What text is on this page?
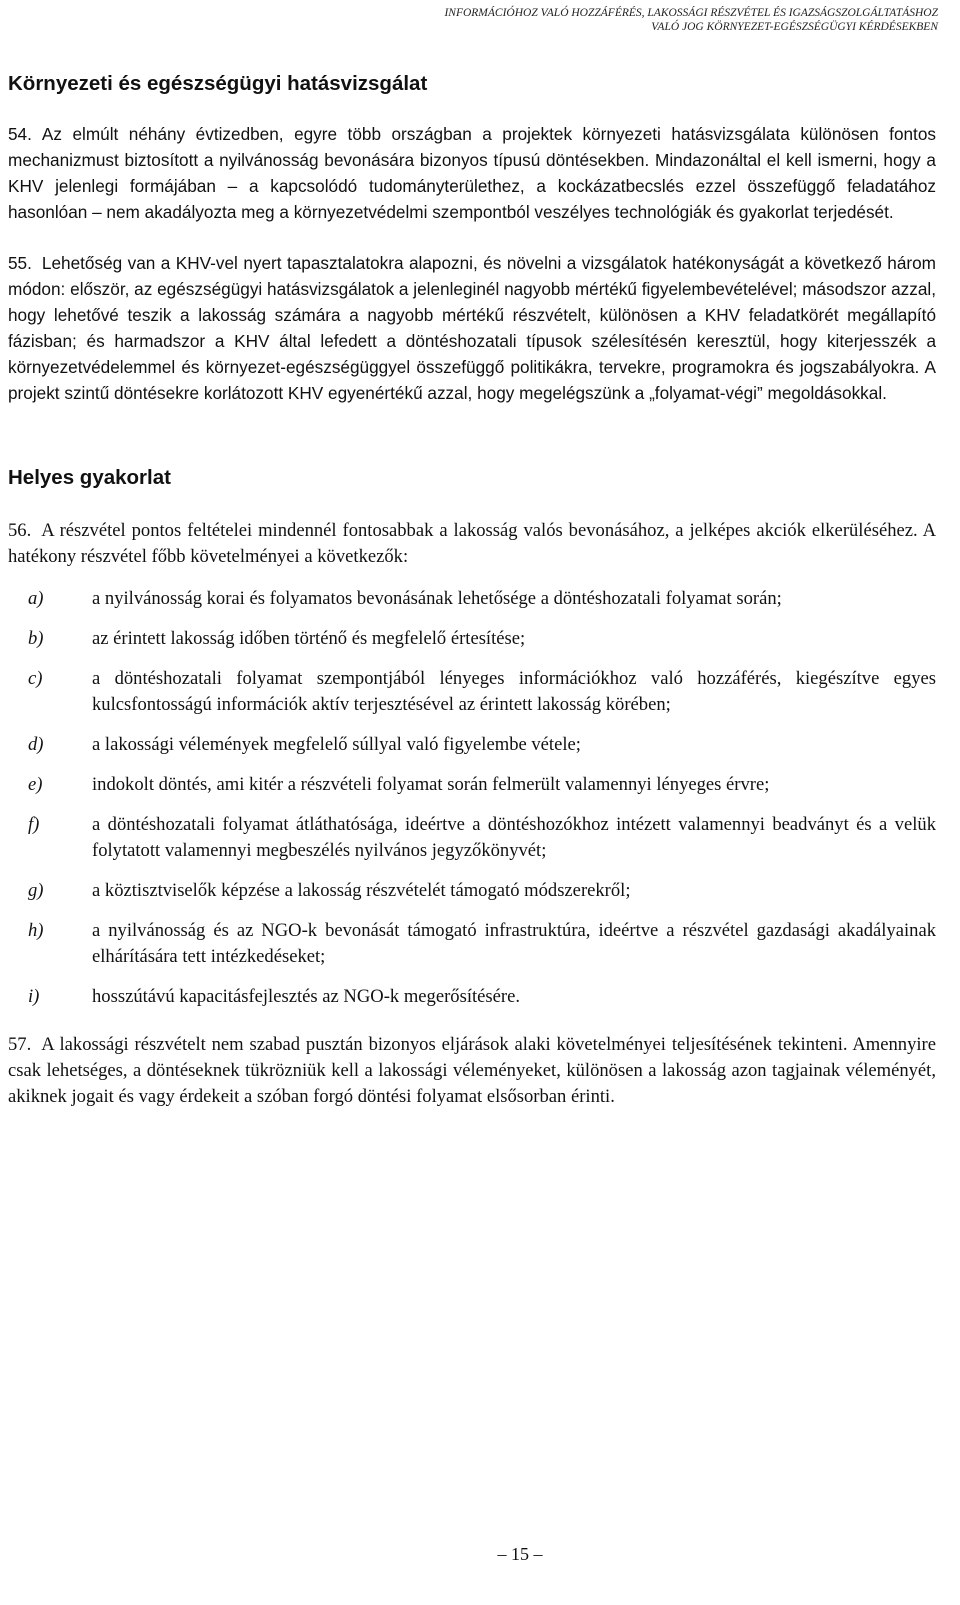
INFORMÁCIÓHOZ VALÓ HOZZÁFÉRÉS, LAKOSSÁGI RÉSZVÉTEL ÉS IGAZSÁGSZOLGÁLTATÁSHOZ
VALÓ JOG KÖRNYEZET-EGÉSZSÉGÜGYI KÉRDÉSEKBEN
Környezeti és egészségügyi hatásvizsgálat

54. Az elmúlt néhány évtizedben, egyre több országban a projektek környezeti hatásvizsgálata különösen fontos mechanizmust biztosított a nyilvánosság bevonására bizonyos típusú döntésekben. Mindazonáltal el kell ismerni, hogy a KHV jelenlegi formájában – a kapcsolódó tudományterülethez, a kockázatbecslés ezzel összefüggő feladatához hasonlóan – nem akadályozta meg a környezetvédelmi szempontból veszélyes technológiák és gyakorlat terjedését.

55. Lehetőség van a KHV-vel nyert tapasztalatokra alapozni, és növelni a vizsgálatok hatékonyságát a következő három módon: először, az egészségügyi hatásvizsgálatok a jelenleginél nagyobb mértékű figyelembevételével; másodszor azzal, hogy lehetővé teszik a lakosság számára a nagyobb mértékű részvételt, különösen a KHV feladatkörét megállapító fázisban; és harmadszor a KHV által lefedett a döntéshozatali típusok szélesítésén keresztül, hogy kiterjesszék a környezetvédelemmel és környezet-egészségüggyel összefüggő politikákra, tervekre, programokra és jogszabályokra. A projekt szintű döntésekre korlátozott KHV egyenértékű azzal, hogy megelégszünk a „folyamat-végi” megoldásokkal.

Helyes gyakorlat

56. A részvétel pontos feltételei mindennél fontosabbak a lakosság valós bevonásához, a jelképes akciók elkerüléséhez. A hatékony részvétel főbb követelményei a következők:

a)	a nyilvánosság korai és folyamatos bevonásának lehetősége a döntéshozatali folyamat során;
b)	az érintett lakosság időben történő és megfelelő értesítése;
c)	a döntéshozatali folyamat szempontjából lényeges információkhoz való hozzáférés, kiegészítve egyes kulcsfontosságú információk aktív terjesztésével az érintett lakosság körében;
d)	a lakossági vélemények megfelelő súllyal való figyelembe vétele;
e)	indokolt döntés, ami kitér a részvételi folyamat során felmerült valamennyi lényeges érvre;
f)	a döntéshozatali folyamat átláthatósága, ideértve a döntéshozókhoz intézett valamennyi beadványt és a velük folytatott valamennyi megbeszélés nyilvános jegyzőkönyvét;
g)	a köztisztviselők képzése a lakosság részvételét támogató módszerekről;
h)	a nyilvánosság és az NGO-k bevonását támogató infrastruktúra, ideértve a részvétel gazdasági akadályainak elhárítására tett intézkedéseket;
i)	hosszútávú kapacitásfejlesztés az NGO-k megerősítésére.

57. A lakossági részvételt nem szabad pusztán bizonyos eljárások alaki követelményei teljesítésének tekinteni. Amennyire csak lehetséges, a döntéseknek tükrözniük kell a lakossági véleményeket, különösen a lakosság azon tagjainak véleményét, akiknek jogait és vagy érdekeit a szóban forgó döntési folyamat elsősorban érinti.

– 15 –
